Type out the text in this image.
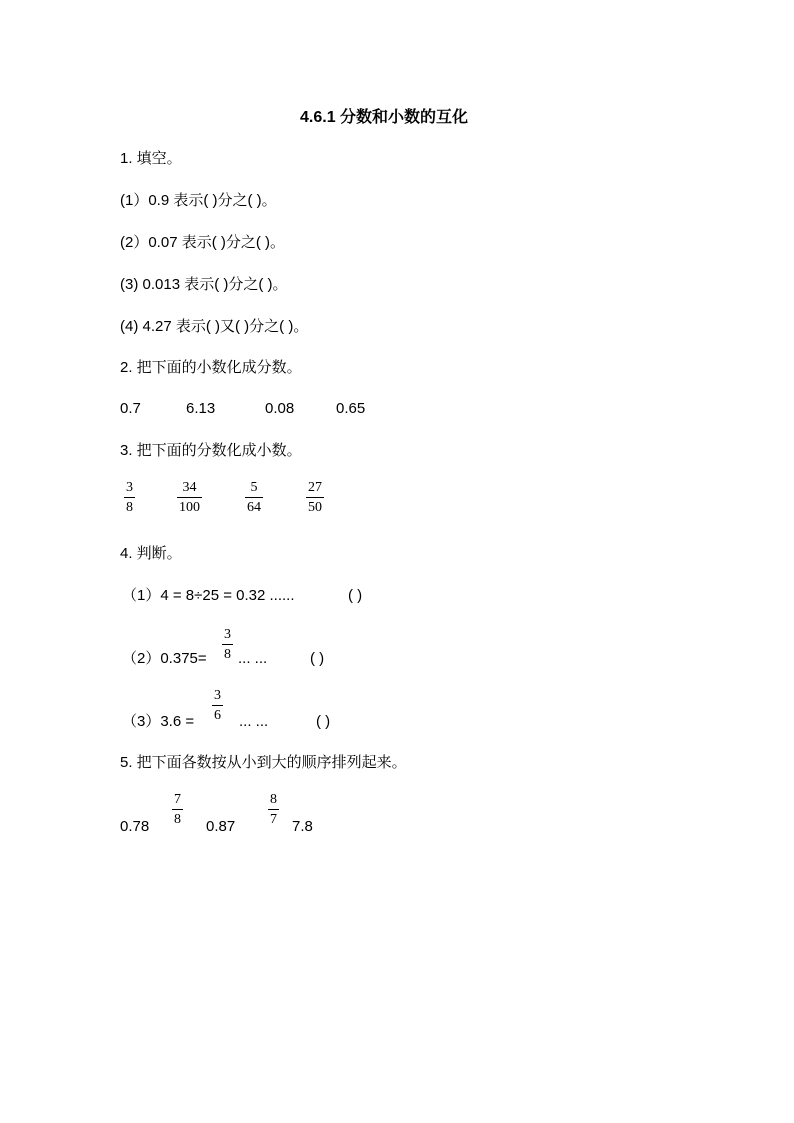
4.6.1 分数和小数的互化
1. 填空。
(1）0.9 表示( )分之( )。
(2）0.07 表示( )分之( )。
(3) 0.013 表示( )分之( )。
(4) 4.27 表示( )又( )分之( )。
2. 把下面的小数化成分数。
0.7	6.13	0.08	0.65
3. 把下面的分数化成小数。
3
8
34
100
5
64
27
50
4. 判断。
（1）4 = 8÷25 = 0.32 ......	( )
（2）0.375=
3
8 ... ...	( )
（3）3.6 =
3
6 ... ...	( )
5. 把下面各数按从小到大的顺序排列起来。
0.78
7
8 0.87
8
7 7.8
